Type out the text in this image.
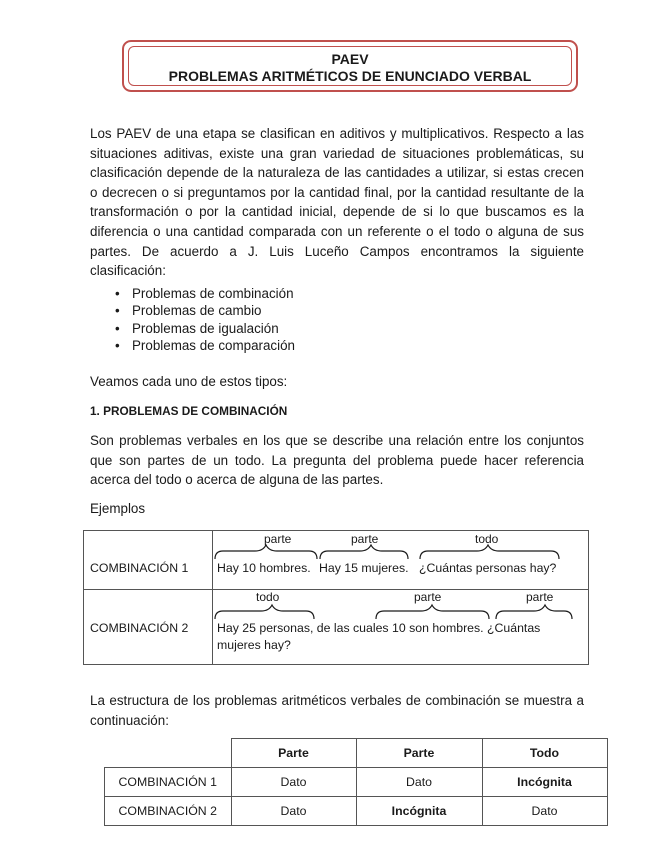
PAEV
PROBLEMAS ARITMÉTICOS DE ENUNCIADO VERBAL

Los PAEV de una etapa se clasifican en aditivos y multiplicativos. Respecto a las situaciones aditivas, existe una gran variedad de situaciones problemáticas, su clasificación depende de la naturaleza de las cantidades a utilizar, si estas crecen o decrecen o si preguntamos por la cantidad final, por la cantidad resultante de la transformación o por la cantidad inicial, depende de si lo que buscamos es la diferencia o una cantidad comparada con un referente o el todo o alguna de sus partes. De acuerdo a J. Luis Luceño Campos encontramos la siguiente clasificación:

• Problemas de combinación
• Problemas de cambio
• Problemas de igualación
• Problemas de comparación

Veamos cada uno de estos tipos:

1. PROBLEMAS DE COMBINACIÓN

Son problemas verbales en los que se describe una relación entre los conjuntos que son partes de un todo. La pregunta del problema puede hacer referencia acerca del todo o acerca de alguna de las partes.

Ejemplos

COMBINACIÓN 1
parte	parte	todo
Hay 10 hombres. Hay 15 mujeres. ¿Cuántas personas hay?
COMBINACIÓN 2
todo	parte	parte
Hay 25 personas, de las cuales 10 son hombres. ¿Cuántas
mujeres hay?

La estructura de los problemas aritméticos verbales de combinación se muestra a continuación:

	Parte	Parte	Todo
COMBINACIÓN 1	Dato	Dato	Incógnita
COMBINACIÓN 2	Dato	Incógnita	Dato
